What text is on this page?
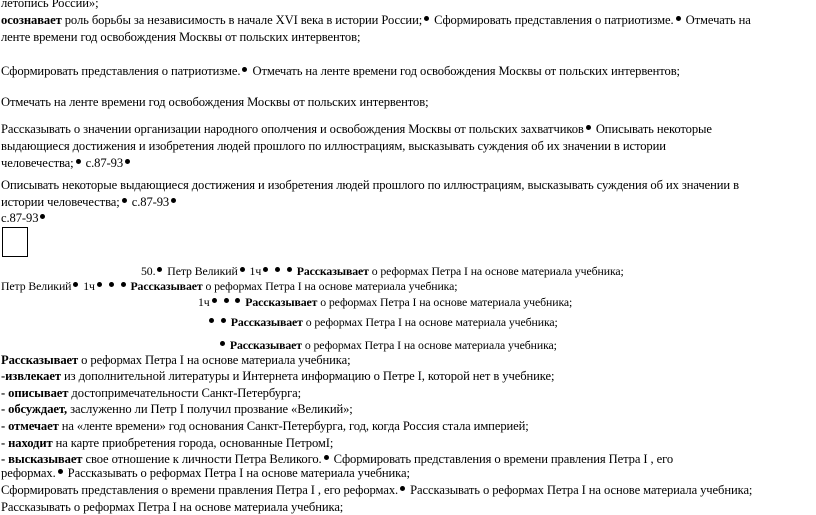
летопись России»;
осознавает роль борьбы за независимость в начале XVI века в истории России; Сформировать представления о патриотизме. Отмечать на
ленте времени год освобождения Москвы от польских интервентов;
Сформировать представления о патриотизме. Отмечать на ленте времени год освобождения Москвы от польских интервентов;
Отмечать на ленте времени год освобождения Москвы от польских интервентов;
Рассказывать о значении организации народного ополчения и освобождения Москвы от польских захватчиков Описывать некоторые
выдающиеся достижения и изобретения людей прошлого по иллюстрациям, высказывать суждения об их значении в истории
человечества; с.87-93
Описывать некоторые выдающиеся достижения и изобретения людей прошлого по иллюстрациям, высказывать суждения об их значении в
истории человечества; с.87-93
с.87-93
50. Петр Великий 1ч	Рассказывает о реформах Петра I на основе материала учебника;
Петр Великий 1ч	Рассказывает о реформах Петра I на основе материала учебника;
1ч	Рассказывает о реформах Петра I на основе материала учебника;
Рассказывает о реформах Петра I на основе материала учебника;
Рассказывает о реформах Петра I на основе материала учебника;
Рассказывает о реформах Петра I на основе материала учебника;
-извлекает из дополнительной литературы и Интернета информацию о Петре I, которой нет в учебнике;
- описывает достопримечательности Санкт-Петербурга;
- обсуждает, заслуженно ли Петр I получил прозвание «Великий»;
- отмечает на «ленте времени» год основания Санкт-Петербурга, год, когда Россия стала империей;
- находит на карте приобретения города, основанные ПетромI;
- высказывает свое отношение к личности Петра Великого. Сформировать представления о времени правления Петра I , его
реформах. Рассказывать о реформах Петра I на основе материала учебника;
Сформировать представления о времени правления Петра I , его реформах. Рассказывать о реформах Петра I на основе материала учебника;
Рассказывать о реформах Петра I на основе материала учебника;
